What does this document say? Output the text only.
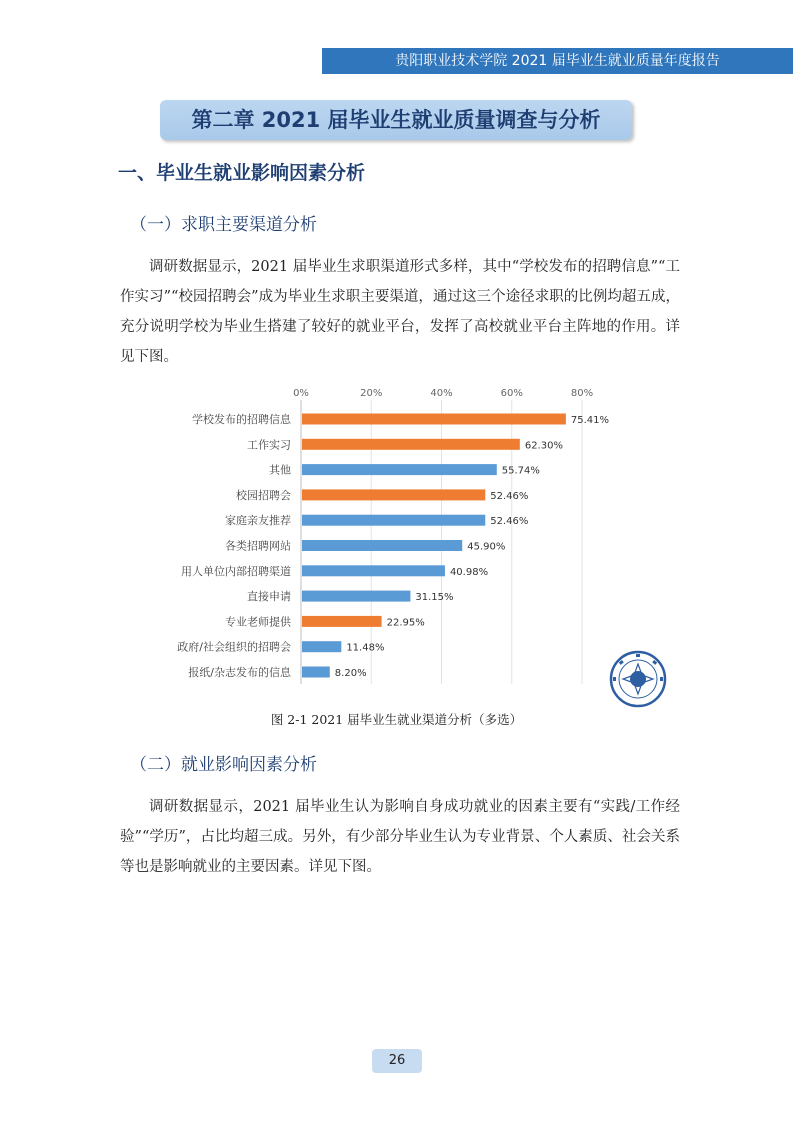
贵阳职业技术学院 2021 届毕业生就业质量年度报告
第二章 2021 届毕业生就业质量调查与分析
一、毕业生就业影响因素分析
（一）求职主要渠道分析
调研数据显示，2021 届毕业生求职渠道形式多样，其中“学校发布的招聘信息”“工作实习”“校园招聘会”成为毕业生求职主要渠道，通过这三个途径求职的比例均超五成，充分说明学校为毕业生搭建了较好的就业平台，发挥了高校就业平台主阵地的作用。详见下图。
0%	20%	40%	60%	80%
学校发布的招聘信息
工作实习
其他
校园招聘会
家庭亲友推荐
各类招聘网站
用人单位内部招聘渠道
直接申请
专业老师提供
政府/社会组织的招聘会
报纸/杂志发布的信息
75.41%
62.30%
55.74%
52.46%
52.46%
45.90%
40.98%
31.15%
22.95%
11.48%
8.20%
图 2-1 2021 届毕业生就业渠道分析（多选）
（二）就业影响因素分析
调研数据显示，2021 届毕业生认为影响自身成功就业的因素主要有“实践/工作经验”“学历”，占比均超三成。另外，有少部分毕业生认为专业背景、个人素质、社会关系等也是影响就业的主要因素。详见下图。
26
